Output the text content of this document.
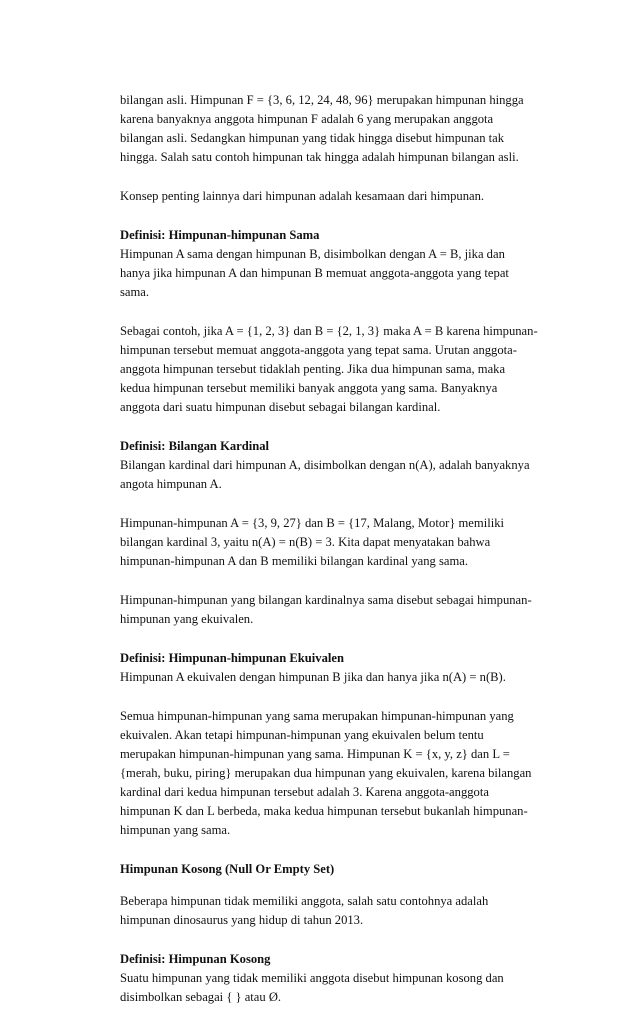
bilangan asli. Himpunan F = {3, 6, 12, 24, 48, 96} merupakan himpunan hingga
karena banyaknya anggota himpunan F adalah 6 yang merupakan anggota
bilangan asli. Sedangkan himpunan yang tidak hingga disebut himpunan tak
hingga. Salah satu contoh himpunan tak hingga adalah himpunan bilangan asli.

Konsep penting lainnya dari himpunan adalah kesamaan dari himpunan.

Definisi: Himpunan-himpunan Sama
Himpunan A sama dengan himpunan B, disimbolkan dengan A = B, jika dan
hanya jika himpunan A dan himpunan B memuat anggota-anggota yang tepat
sama.

Sebagai contoh, jika A = {1, 2, 3} dan B = {2, 1, 3} maka A = B karena himpunan-
himpunan tersebut memuat anggota-anggota yang tepat sama. Urutan anggota-
anggota himpunan tersebut tidaklah penting. Jika dua himpunan sama, maka
kedua himpunan tersebut memiliki banyak anggota yang sama. Banyaknya
anggota dari suatu himpunan disebut sebagai bilangan kardinal.

Definisi: Bilangan Kardinal
Bilangan kardinal dari himpunan A, disimbolkan dengan n(A), adalah banyaknya
angota himpunan A.

Himpunan-himpunan A = {3, 9, 27} dan B = {17, Malang, Motor} memiliki
bilangan kardinal 3, yaitu n(A) = n(B) = 3. Kita dapat menyatakan bahwa
himpunan-himpunan A dan B memiliki bilangan kardinal yang sama.

Himpunan-himpunan yang bilangan kardinalnya sama disebut sebagai himpunan-
himpunan yang ekuivalen.

Definisi: Himpunan-himpunan Ekuivalen
Himpunan A ekuivalen dengan himpunan B jika dan hanya jika n(A) = n(B).

Semua himpunan-himpunan yang sama merupakan himpunan-himpunan yang
ekuivalen. Akan tetapi himpunan-himpunan yang ekuivalen belum tentu
merupakan himpunan-himpunan yang sama. Himpunan K = {x, y, z} dan L =
{merah, buku, piring} merupakan dua himpunan yang ekuivalen, karena bilangan
kardinal dari kedua himpunan tersebut adalah 3. Karena anggota-anggota
himpunan K dan L berbeda, maka kedua himpunan tersebut bukanlah himpunan-
himpunan yang sama.

Himpunan Kosong (Null Or Empty Set)

Beberapa himpunan tidak memiliki anggota, salah satu contohnya adalah
himpunan dinosaurus yang hidup di tahun 2013.

Definisi: Himpunan Kosong
Suatu himpunan yang tidak memiliki anggota disebut himpunan kosong dan
disimbolkan sebagai { } atau Ø.
